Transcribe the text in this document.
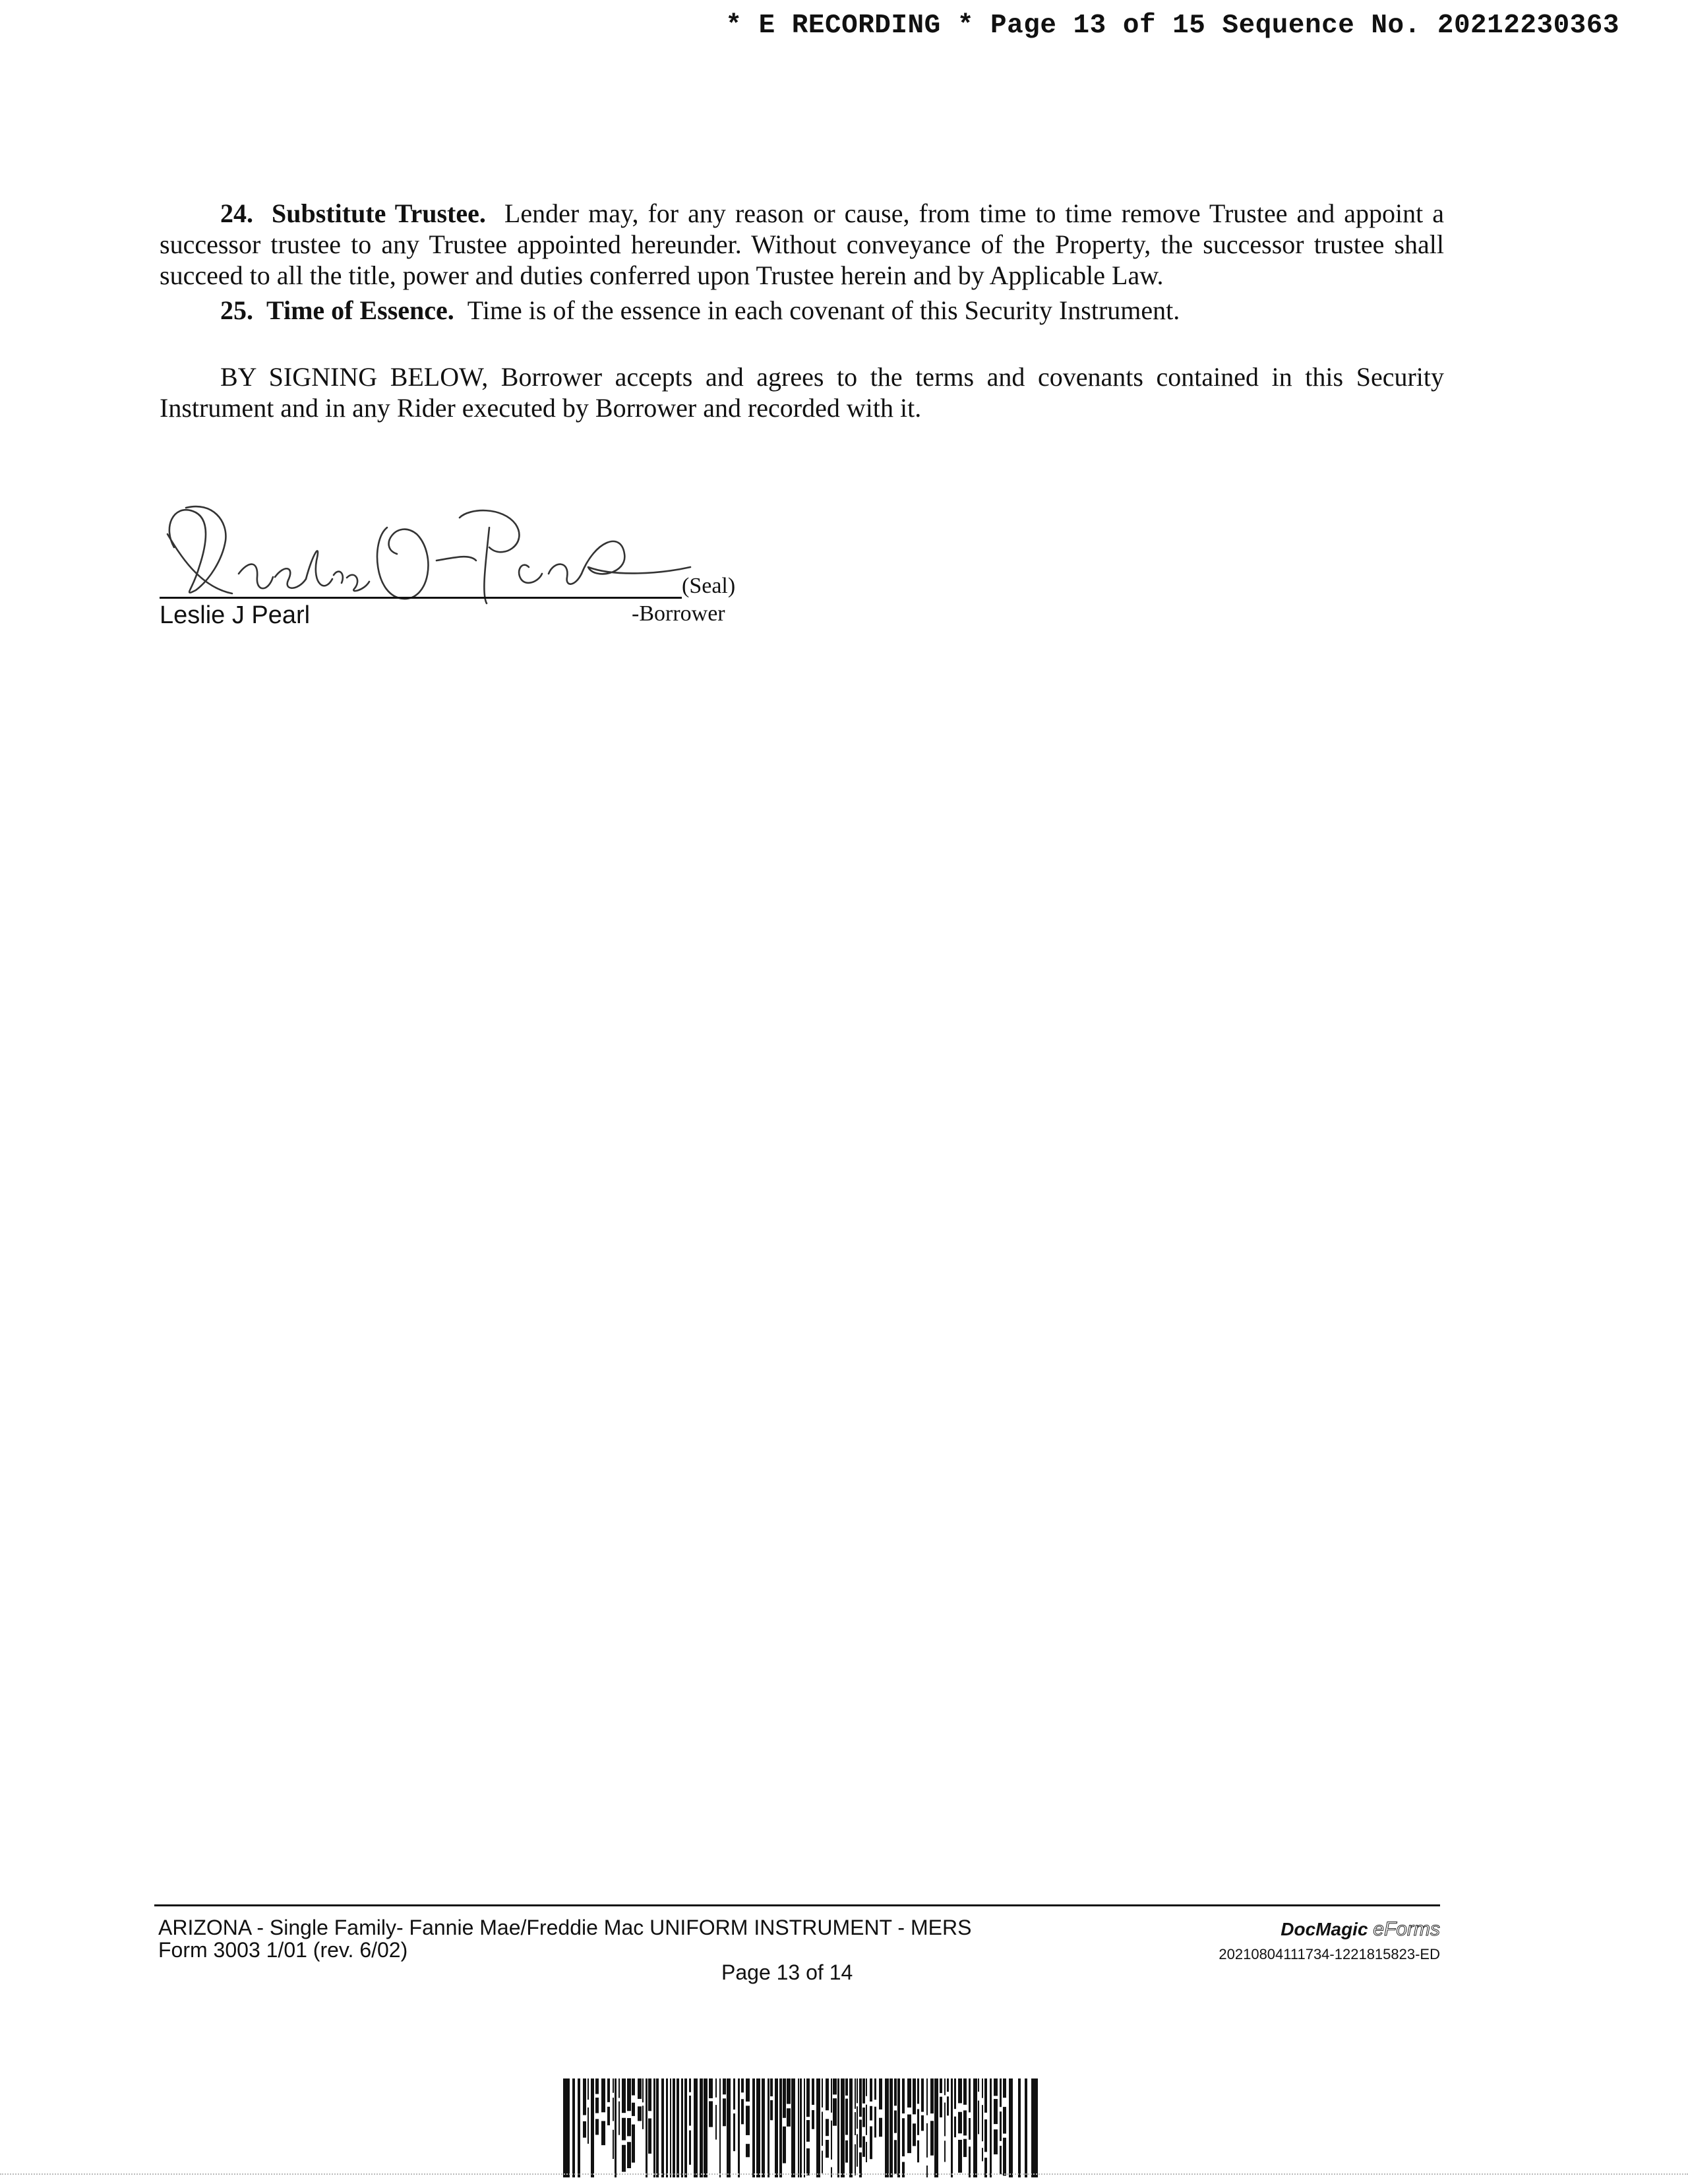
* E RECORDING * Page 13 of 15 Sequence No. 20212230363

24. Substitute Trustee. Lender may, for any reason or cause, from time to time remove Trustee and appoint a successor trustee to any Trustee appointed hereunder. Without conveyance of the Property, the successor trustee shall succeed to all the title, power and duties conferred upon Trustee herein and by Applicable Law.

25. Time of Essence. Time is of the essence in each covenant of this Security Instrument.

BY SIGNING BELOW, Borrower accepts and agrees to the terms and covenants contained in this Security Instrument and in any Rider executed by Borrower and recorded with it.

(Seal)
Leslie J Pearl	-Borrower
ARIZONA - Single Family- Fannie Mae/Freddie Mac UNIFORM INSTRUMENT - MERS
Form 3003 1/01 (rev. 6/02)
Page 13 of 14
DocMagic eForms
20210804111734-1221815823-ED
